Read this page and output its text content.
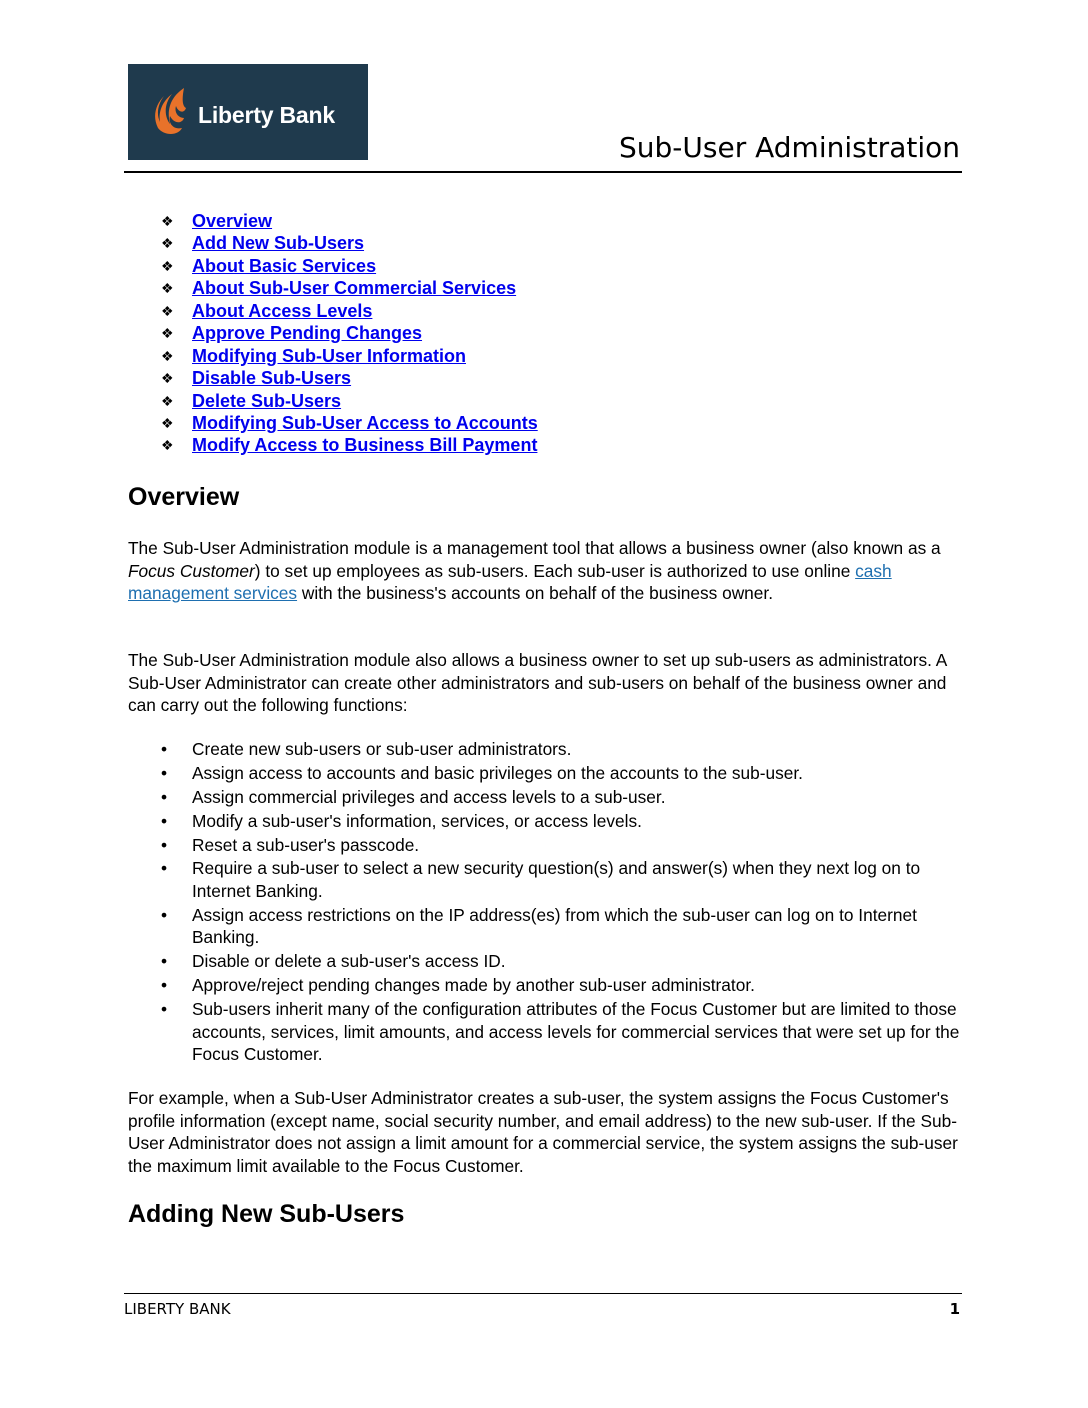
Liberty Bank
Sub-User Administration
❖ Overview
❖ Add New Sub-Users
❖ About Basic Services
❖ About Sub-User Commercial Services
❖ About Access Levels
❖ Approve Pending Changes
❖ Modifying Sub-User Information
❖ Disable Sub-Users
❖ Delete Sub-Users
❖ Modifying Sub-User Access to Accounts
❖ Modify Access to Business Bill Payment
Overview

The Sub-User Administration module is a management tool that allows a business owner (also known as a Focus Customer) to set up employees as sub-users. Each sub-user is authorized to use online cash management services with the business's accounts on behalf of the business owner.

The Sub-User Administration module also allows a business owner to set up sub-users as administrators. A Sub-User Administrator can create other administrators and sub-users on behalf of the business owner and can carry out the following functions:

• Create new sub-users or sub-user administrators.
• Assign access to accounts and basic privileges on the accounts to the sub-user.
• Assign commercial privileges and access levels to a sub-user.
• Modify a sub-user's information, services, or access levels.
• Reset a sub-user's passcode.
• Require a sub-user to select a new security question(s) and answer(s) when they next log on to Internet Banking.
• Assign access restrictions on the IP address(es) from which the sub-user can log on to Internet Banking.
• Disable or delete a sub-user's access ID.
• Approve/reject pending changes made by another sub-user administrator.
• Sub-users inherit many of the configuration attributes of the Focus Customer but are limited to those accounts, services, limit amounts, and access levels for commercial services that were set up for the Focus Customer.

For example, when a Sub-User Administrator creates a sub-user, the system assigns the Focus Customer's profile information (except name, social security number, and email address) to the new sub-user. If the Sub-User Administrator does not assign a limit amount for a commercial service, the system assigns the sub-user the maximum limit available to the Focus Customer.

Adding New Sub-Users
LIBERTY BANK	1
